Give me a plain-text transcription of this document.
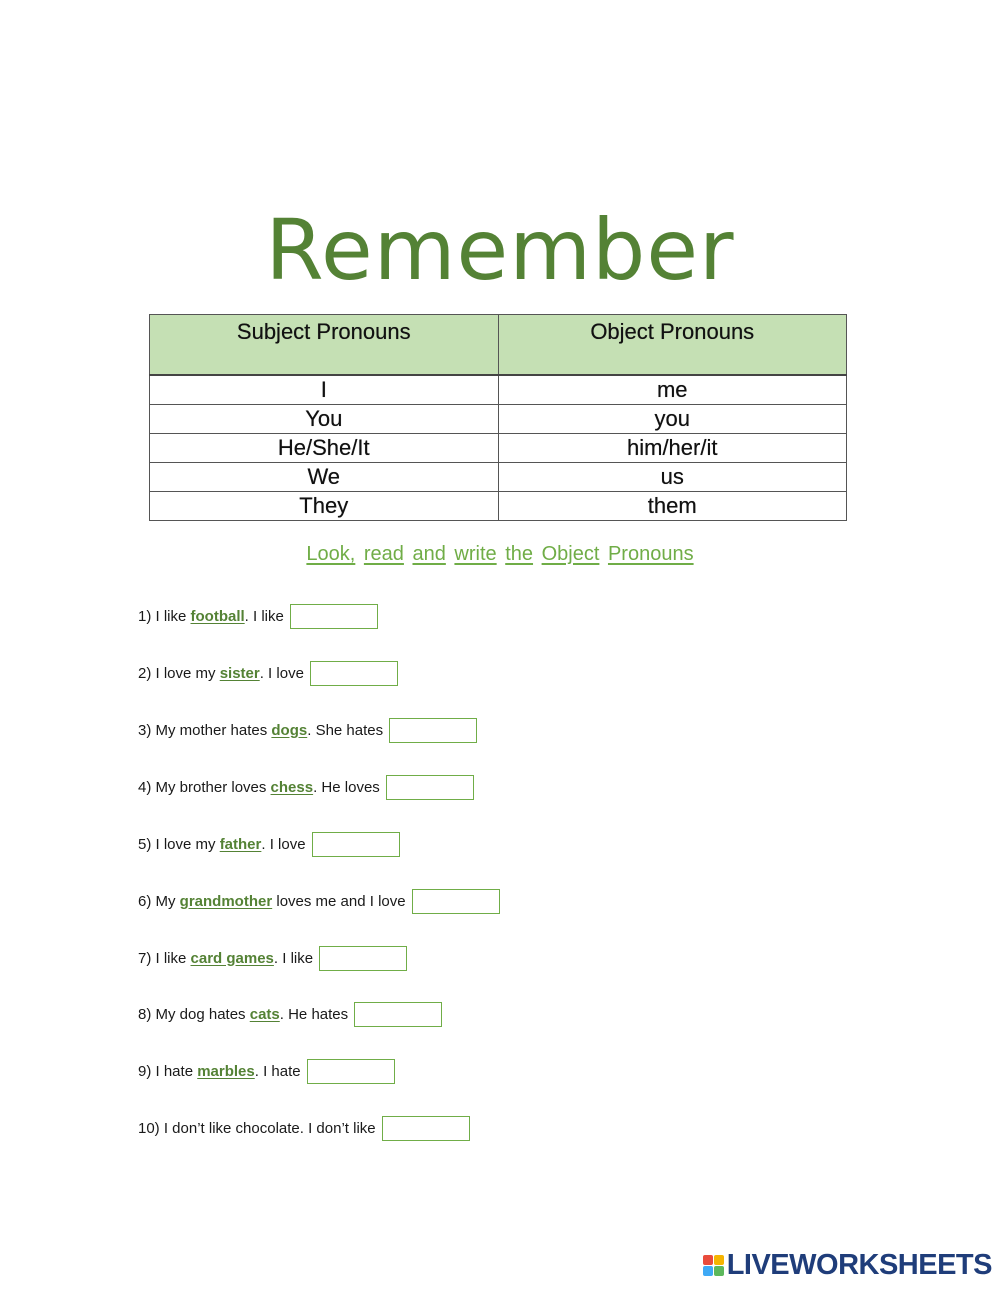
Remember
Subject Pronouns	Object Pronouns
I	me
You	you
He/She/It	him/her/it
We	us
They	them
Look, read and write the Object Pronouns
1) I like football . I like
2) I love my sister . I love
3) My mother hates dogs . She hates
4) My brother loves chess . He loves
5) I love my father . I love
6) My grandmother loves me and I love
7) I like card games . I like
8) My dog hates cats . He hates
9) I hate marbles . I hate
10) I don’t like chocolate. I don’t like
LIVEWORKSHEETS
